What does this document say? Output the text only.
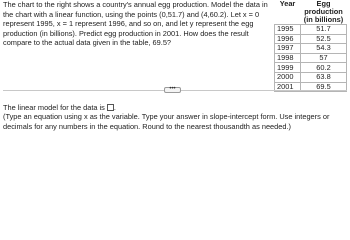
The chart to the right shows a country's annual egg production. Model the data in the chart with a linear function, using the points (0,51.7) and (4,60.2). Let x = 0 represent 1995, x = 1 represent 1996, and so on, and let y represent the egg production (in billions). Predict egg production in 2001. How does the result compare to the actual data given in the table, 69.5?

Year	Egg production (in billions)
1995	51.7
1996	52.5
1997	54.3
1998	57
1999	60.2
2000	63.8
2001	69.5
•••
The linear model for the data is .

(Type an equation using x as the variable. Type your answer in slope-intercept form. Use integers or decimals for any numbers in the equation. Round to the nearest thousandth as needed.)
